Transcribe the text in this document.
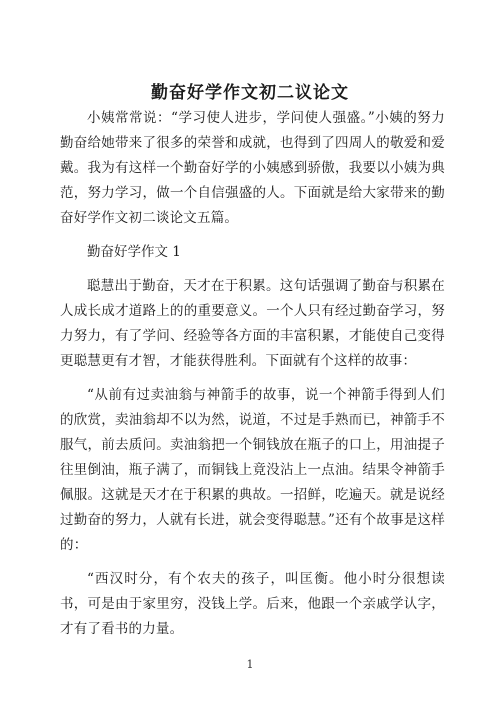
勤奋好学作文初二议论文

小姨常常说：“学习使人进步，学问使人强盛。”小姨的努力勤奋给她带来了很多的荣誉和成就，也得到了四周人的敬爱和爱戴。我为有这样一个勤奋好学的小姨感到骄傲，我要以小姨为典范，努力学习，做一个自信强盛的人。下面就是给大家带来的勤奋好学作文初二谈论文五篇。

勤奋好学作文 1

聪慧出于勤奋，天才在于积累。这句话强调了勤奋与积累在人成长成才道路上的的重要意义。一个人只有经过勤奋学习，努力努力，有了学问、经验等各方面的丰富积累，才能使自己变得更聪慧更有才智，才能获得胜利。下面就有个这样的故事：

“从前有过卖油翁与神箭手的故事，说一个神箭手得到人们的欣赏，卖油翁却不以为然，说道，不过是手熟而已，神箭手不服气，前去质问。卖油翁把一个铜钱放在瓶子的口上，用油提子往里倒油，瓶子满了，而铜钱上竟没沾上一点油。结果令神箭手佩服。这就是天才在于积累的典故。一招鲜，吃遍天。就是说经过勤奋的努力，人就有长进，就会变得聪慧。”还有个故事是这样的：

“西汉时分，有个农夫的孩子，叫匡衡。他小时分很想读书，可是由于家里穷，没钱上学。后来，他跟一个亲戚学认字，才有了看书的力量。

1
